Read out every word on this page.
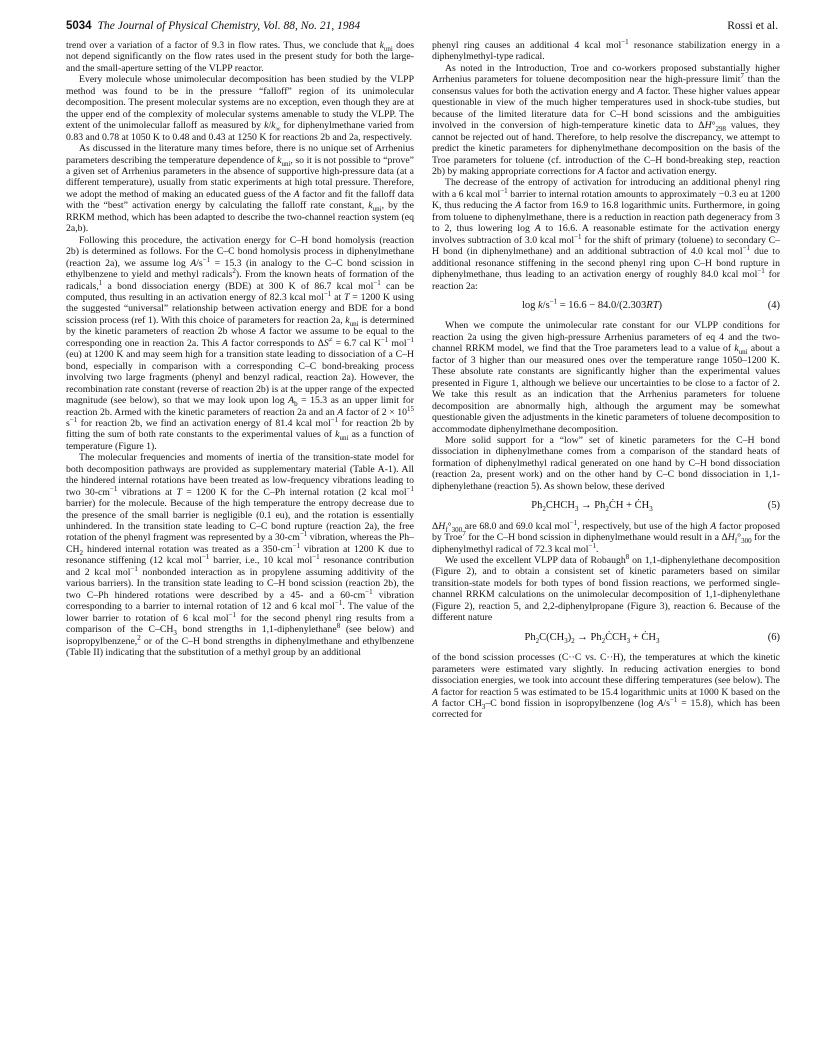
5034 The Journal of Physical Chemistry, Vol. 88, No. 21, 1984	Rossi et al.

trend over a variation of a factor of 9.3 in flow rates. Thus, we conclude that $k_{uni}$ does not depend significantly on the flow rates used in the present study for both the large- and the small-aperture setting of the VLPP reactor.

Every molecule whose unimolecular decomposition has been studied by the VLPP method was found to be in the pressure “falloff” region of its unimolecular decomposition. The present molecular systems are no exception, even though they are at the upper end of the complexity of molecular systems amenable to study the VLPP. The extent of the unimolecular falloff as measured by $k/k_\infty$ for diphenylmethane varied from 0.83 and 0.78 at 1050 K to 0.48 and 0.43 at 1250 K for reactions 2b and 2a, respectively.

As discussed in the literature many times before, there is no unique set of Arrhenius parameters describing the temperature dependence of $k_{uni}$, so it is not possible to “prove” a given set of Arrhenius parameters in the absence of supportive high-pressure data (at a different temperature), usually from static experiments at high total pressure. Therefore, we adopt the method of making an educated guess of the A factor and fit the falloff data with the “best” activation energy by calculating the falloff rate constant, $k_{uni}$, by the RRKM method, which has been adapted to describe the two-channel reaction system (eq 2a,b).

Following this procedure, the activation energy for C–H bond homolysis (reaction 2b) is determined as follows. For the C–C bond homolysis process in diphenylmethane (reaction 2a), we assume $\log A/s^{-1} = 15.3$ (in analogy to the C–C bond scission in ethylbenzene to yield and methyl radicals$^2$). From the known heats of formation of the radicals,$^1$ a bond dissociation energy (BDE) at 300 K of 86.7 kcal mol$^{-1}$ can be computed, thus resulting in an activation energy of 82.3 kcal mol$^{-1}$ at T = 1200 K using the suggested “universal” relationship between activation energy and BDE for a bond scission process (ref 1). With this choice of parameters for reaction 2a, $k_{uni}$ is determined by the kinetic parameters of reaction 2b whose A factor we assume to be equal to the corresponding one in reaction 2a. This A factor corresponds to ΔS≠ = 6.7 cal $K^{-1}$ mol$^{-1}$ (eu) at 1200 K and may seem high for a transition state leading to dissociation of a C–H bond, especially in comparison with a corresponding C–C bond-breaking process involving two large fragments (phenyl and benzyl radical, reaction 2a). However, the recombination rate constant (reverse of reaction 2b) is at the upper range of the expected magnitude (see below), so that we may look upon $\log A_b = 15.3$ as an upper limit for reaction 2b. Armed with the kinetic parameters of reaction 2a and an A factor of $2 \times 10^{15}$ $s^{-1}$ for reaction 2b, we find an activation energy of 81.4 kcal mol$^{-1}$ for reaction 2b by fitting the sum of both rate constants to the experimental values of $k_{uni}$ as a function of temperature (Figure 1).

The molecular frequencies and moments of inertia of the transition-state model for both decomposition pathways are provided as supplementary material (Table A-1). All the hindered internal rotations have been treated as low-frequency vibrations leading to two $30-cm^{-1}$ vibrations at T = 1200 K for the C–Ph internal rotation (2 kcal mol$^{-1}$ barrier) for the molecule. Because of the high temperature the entropy decrease due to the presence of the small barrier is negligible (0.1 eu), and the rotation is essentially unhindered. In the transition state leading to C–C bond rupture (reaction 2a), the free rotation of the phenyl fragment was represented by a $30-cm^{-1}$ vibration, whereas the $Ph-CH_2$ hindered internal rotation was treated as a $350-cm^{-1}$ vibration at 1200 K due to resonance stiffening (12 kcal mol$^{-1}$ barrier, i.e., 10 kcal mol$^{-1}$ resonance contribution and 2 kcal mol$^{-1}$ nonbonded interaction as in propylene assuming additivity of the various barriers). In the transition state leading to C–H bond scission (reaction 2b), the two C–Ph hindered rotations were described by a 45- and a $60-cm^{-1}$ vibration corresponding to a barrier to internal rotation of 12 and 6 kcal mol$^{-1}$. The value of the lower barrier to rotation of 6 kcal mol$^{-1}$ for the second phenyl ring results from a comparison of the $C-CH_3$ bond strengths in 1,1-diphenylethane$^8$ (see below) and isopropylbenzene,$^2$ or of the C–H bond strengths in diphenylmethane and ethylbenzene (Table II) indicating that the substitution of a methyl group by an additional

phenyl ring causes an additional 4 kcal mol$^{-1}$ resonance stabilization energy in a diphenylmethyl-type radical.

As noted in the Introduction, Troe and co-workers proposed substantially higher Arrhenius parameters for toluene decomposition near the high-pressure limit$^7$ than the consensus values for both the activation energy and A factor. These higher values appear questionable in view of the much higher temperatures used in shock-tube studies, but because of the limited literature data for C–H bond scissions and the ambiguities involved in the conversion of high-temperature kinetic data to $\Delta H^\circ_{298}$ values, they cannot be rejected out of hand. Therefore, to help resolve the discrepancy, we attempt to predict the kinetic parameters for diphenylmethane decomposition on the basis of the Troe parameters for toluene (cf. introduction of the C–H bond-breaking step, reaction 2b) by making appropriate corrections for A factor and activation energy.

The decrease of the entropy of activation for introducing an additional phenyl ring with a 6 kcal mol$^{-1}$ barrier to internal rotation amounts to approximately −0.3 eu at 1200 K, thus reducing the A factor from 16.9 to 16.8 logarithmic units. Furthermore, in going from toluene to diphenylmethane, there is a reduction in reaction path degeneracy from 3 to 2, thus lowering log A to 16.6. A reasonable estimate for the activation energy involves subtraction of 3.0 kcal mol$^{-1}$ for the shift of primary (toluene) to secondary C–H bond (in diphenylmethane) and an additional subtraction of 4.0 kcal mol$^{-1}$ due to additional resonance stiffening in the second phenyl ring upon C–H bond rupture in diphenylmethane, thus leading to an activation energy of roughly 84.0 kcal mol$^{-1}$ for reaction 2a:

$\log k/s^{-1} = 16.6 - 84.0/(2.303RT)$	(4)

When we compute the unimolecular rate constant for our VLPP conditions for reaction 2a using the given high-pressure Arrhenius parameters of eq 4 and the two-channel RRKM model, we find that the Troe parameters lead to a value of $k_{uni}$ about a factor of 3 higher than our measured ones over the temperature range 1050–1200 K. These absolute rate constants are significantly higher than the experimental values presented in Figure 1, although we believe our uncertainties to be close to a factor of 2. We take this result as an indication that the Arrhenius parameters for toluene decomposition are abnormally high, although the argument may be somewhat questionable given the adjustments in the kinetic parameters of toluene decomposition to accommodate diphenylmethane decomposition.

More solid support for a “low” set of kinetic parameters for the C–H bond dissociation in diphenylmethane comes from a comparison of the standard heats of formation of diphenylmethyl radical generated on one hand by C–H bond dissociation (reaction 2a, present work) and on the other hand by C–C bond dissociation in 1,1-diphenylethane (reaction 5). As shown below, these derived

$Ph_2CHCH_3$ → $Ph_2ĊH$ + $ĊH_3$	(5)

$\Delta H_f^\circ_{300}$ are 68.0 and 69.0 kcal mol$^{-1}$, respectively, but use of the high A factor proposed by Troe$^7$ for the C–H bond scission in diphenylmethane would result in a $\Delta H_f^\circ_{300}$ for the diphenylmethyl radical of 72.3 kcal mol$^{-1}$.

We used the excellent VLPP data of Robaugh$^8$ on 1,1-diphenylethane decomposition (Figure 2), and to obtain a consistent set of kinetic parameters based on similar transition-state models for both types of bond fission reactions, we performed single-channel RRKM calculations on the unimolecular decomposition of 1,1-diphenylethane (Figure 2), reaction 5, and 2,2-diphenylpropane (Figure 3), reaction 6. Because of the different nature

$Ph_2C(CH_3)_2$ → $Ph_2ĊCH_3$ + $ĊH_3$	(6)

of the bond scission processes (C··C vs. C··H), the temperatures at which the kinetic parameters were estimated vary slightly. In reducing activation energies to bond dissociation energies, we took into account these differing temperatures (see below). The A factor for reaction 5 was estimated to be 15.4 logarithmic units at 1000 K based on the A factor $CH_3-C$ bond fission in isopropylbenzene (log $A/s^{-1} = 15.8$), which has been corrected for
